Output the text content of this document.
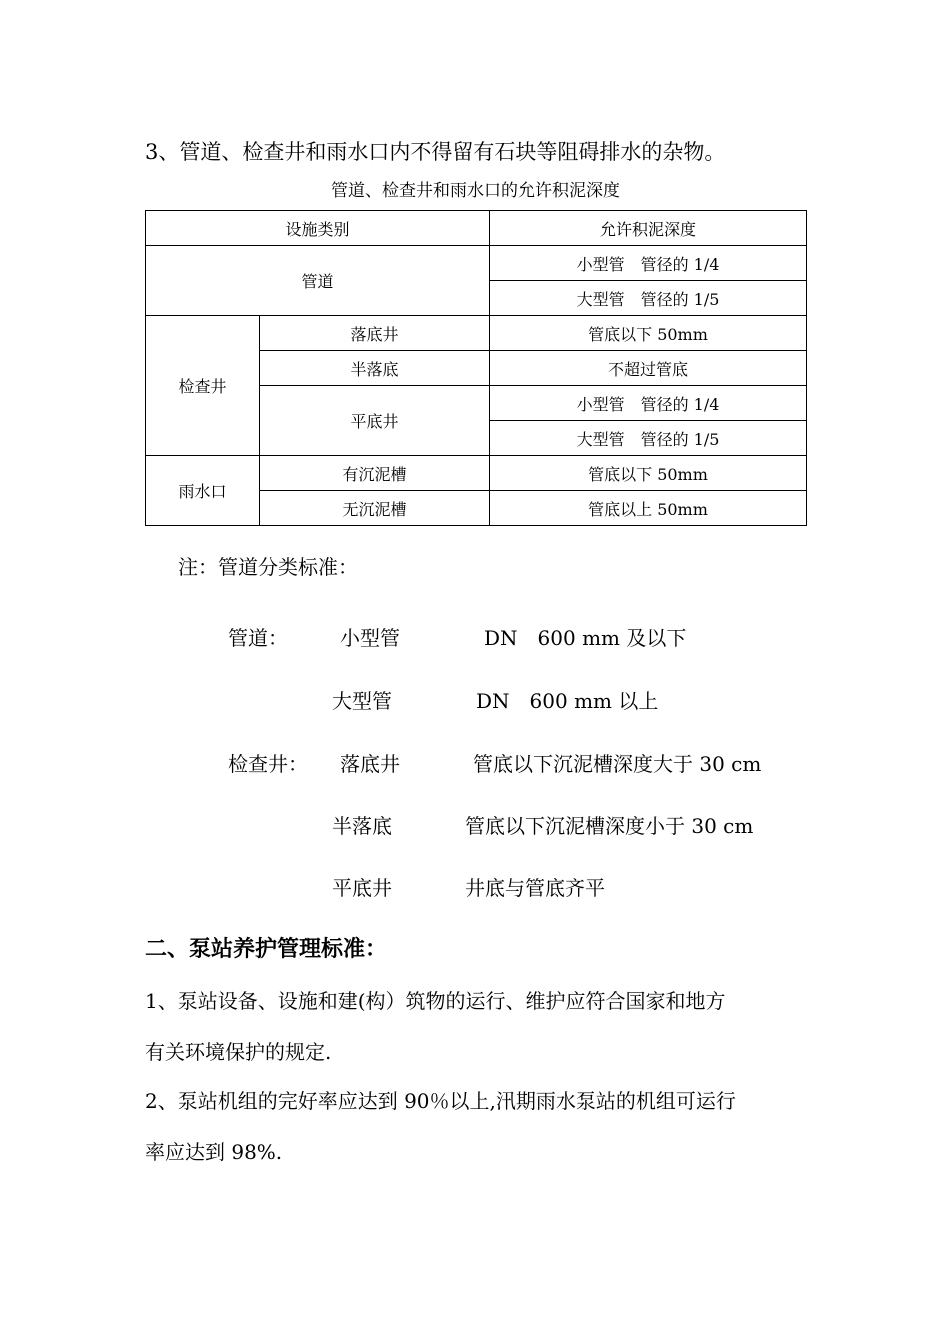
3、管道、检查井和雨水口内不得留有石块等阻碍排水的杂物。
管道、检查井和雨水口的允许积泥深度
设施类别		允许积泥深度
管道		小型管　管径的 1/4
		大型管　管径的 1/5
检查井	落底井	管底以下 50mm
	半落底	不超过管底
	平底井	小型管　管径的 1/4
		大型管　管径的 1/5
雨水口	有沉泥槽	管底以下 50mm
	无沉泥槽	管底以上 50mm
注：管道分类标准：
管道：	小型管	DN　600 mm 及以下
大型管	DN　600 mm 以上
检查井： 落底井	管底以下沉泥槽深度大于 30 cm
半落底	管底以下沉泥槽深度小于 30 cm
平底井	井底与管底齐平
二、泵站养护管理标准：
1、泵站设备、设施和建(构）筑物的运行、维护应符合国家和地方
有关环境保护的规定.
2、泵站机组的完好率应达到 90％以上,汛期雨水泵站的机组可运行
率应达到 98%.
